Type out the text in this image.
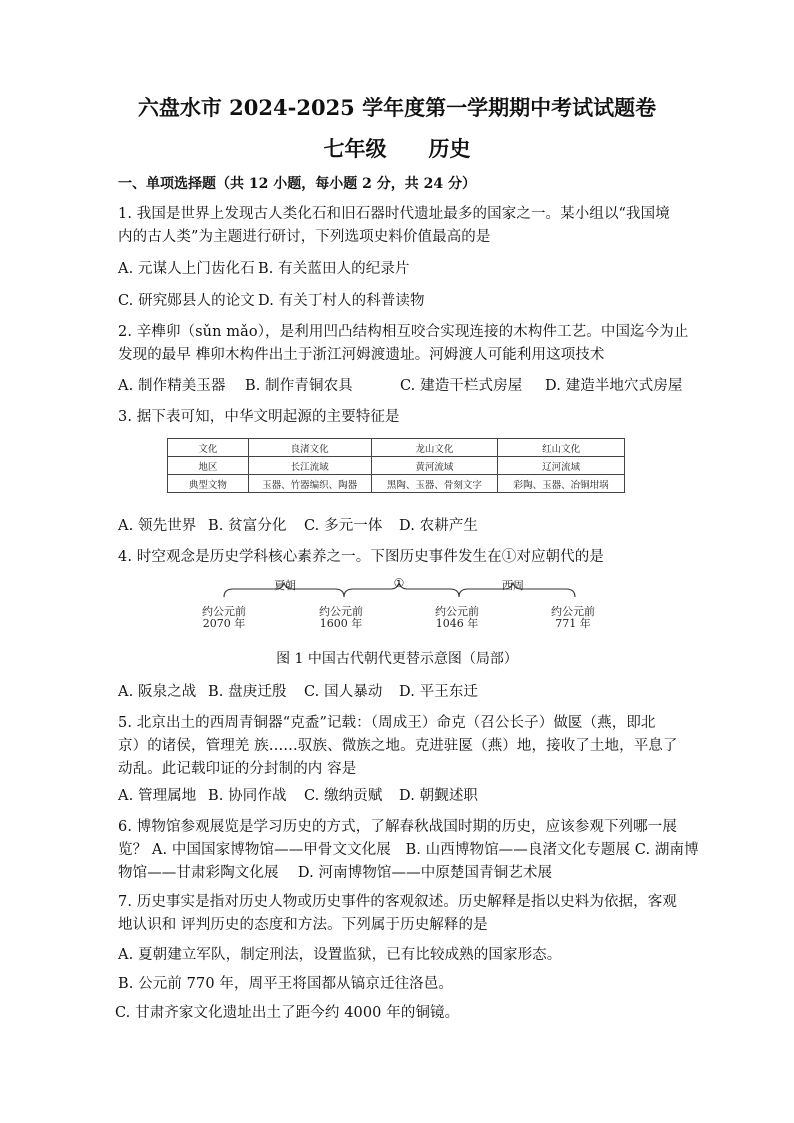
六盘水市 2024-2025 学年度第一学期期中考试试题卷
七年级　　历史
一、单项选择题（共 12 小题，每小题 2 分，共 24 分）
1. 我国是世界上发现古人类化石和旧石器时代遗址最多的国家之一。某小组以“我国境
内的古人类”为主题进行研讨，下列选项史料价值最高的是
A. 元谋人上门齿化石 B. 有关蓝田人的纪录片
C. 研究郧县人的论文 D. 有关丁村人的科普读物
2. 辛榫卯（sǔn mǎo），是利用凹凸结构相互咬合实现连接的木构件工艺。中国迄今为止
发现的最早 榫卯木构件出土于浙江河姆渡遗址。河姆渡人可能利用这项技术
A. 制作精美玉器 B. 制作青铜农具	C. 建造干栏式房屋 D. 建造半地穴式房屋
3. 据下表可知，中华文明起源的主要特征是
文化	良渚文化	龙山文化	红山文化
地区	长江流域	黄河流域	辽河流域
典型文物	玉器、竹器编织、陶器	黑陶、玉器、骨刻文字	彩陶、玉器、冶铜坩埚
A. 领先世界 B. 贫富分化 C. 多元一体 D. 农耕产生
4. 时空观念是历史学科核心素养之一。下图历史事件发生在①对应朝代的是
夏朝	①	西周
约公元前
2070 年
约公元前
1600 年
约公元前
1046 年
约公元前
771 年
图 1 中国古代朝代更替示意图（局部）
A. 阪泉之战 B. 盘庚迁殷 C. 国人暴动 D. 平王东迁
5. 北京出土的西周青铜器“克盉”记载：（周成王）命克（召公长子）做匽（燕，即北
京）的诸侯，管理羌 族……驭族、微族之地。克进驻匽（燕）地，接收了土地，平息了
动乱。此记载印证的分封制的内 容是
A. 管理属地 B. 协同作战 C. 缴纳贡赋 D. 朝觐述职
6. 博物馆参观展览是学习历史的方式，了解春秋战国时期的历史，应该参观下列哪一展
览？ A. 中国国家博物馆——甲骨文文化展　B. 山西博物馆——良渚文化专题展 C. 湖南博
物馆——甘肃彩陶文化展　 D. 河南博物馆——中原楚国青铜艺术展
7. 历史事实是指对历史人物或历史事件的客观叙述。历史解释是指以史料为依据，客观
地认识和 评判历史的态度和方法。下列属于历史解释的是
A. 夏朝建立军队，制定刑法，设置监狱，已有比较成熟的国家形态。
B. 公元前 770 年，周平王将国都从镐京迁往洛邑。
C. 甘肃齐家文化遗址出土了距今约 4000 年的铜镜。
